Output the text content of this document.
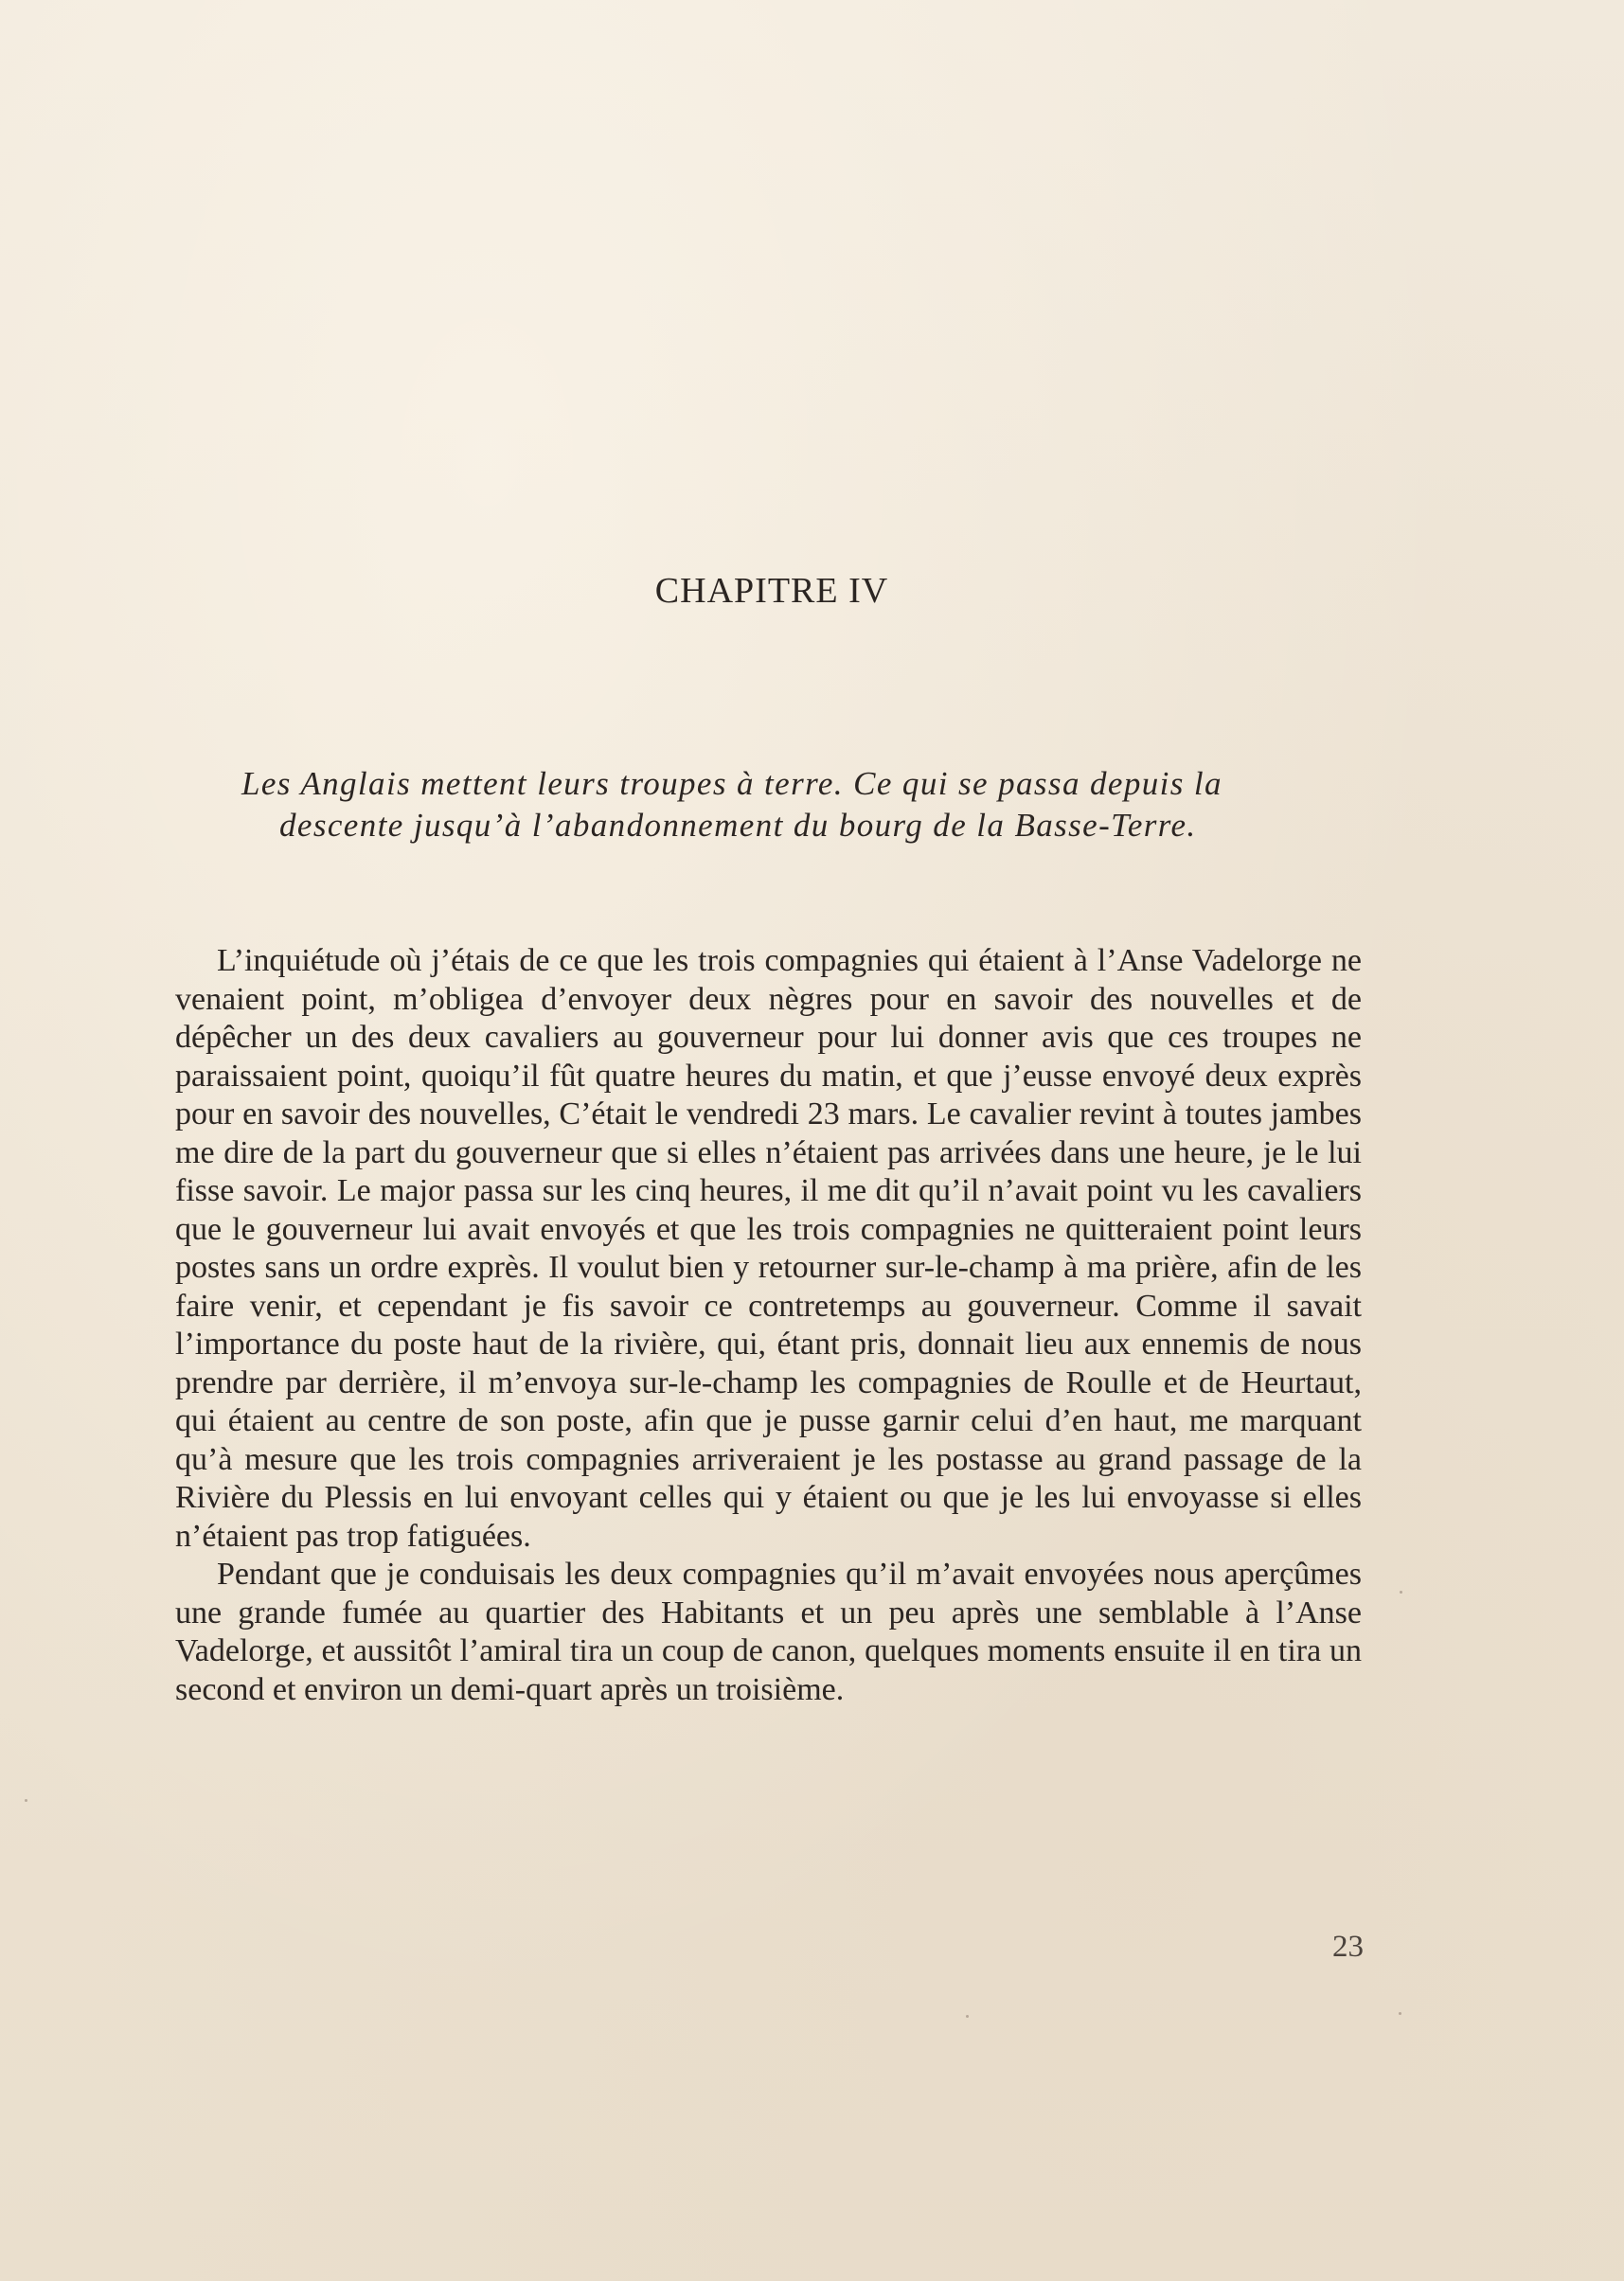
CHAPITRE IV
Les Anglais mettent leurs troupes à terre. Ce qui se passa depuis la
descente jusqu’à l’abandonnement du bourg de la Basse-Terre.

L’inquiétude où j’étais de ce que les trois compagnies qui étaient à l’Anse Vadelorge ne venaient point, m’obligea d’envoyer deux nègres pour en savoir des nouvelles et de dépêcher un des deux cavaliers au gouverneur pour lui donner avis que ces troupes ne paraissaient point, quoiqu’il fût quatre heures du matin, et que j’eusse envoyé deux exprès pour en savoir des nouvelles, C’était le vendredi 23 mars. Le cavalier revint à toutes jambes me dire de la part du gouverneur que si elles n’étaient pas arrivées dans une heure, je le lui fisse savoir. Le major passa sur les cinq heures, il me dit qu’il n’avait point vu les cavaliers que le gouverneur lui avait envoyés et que les trois compagnies ne quitteraient point leurs postes sans un ordre exprès. Il voulut bien y retourner sur-le-champ à ma prière, afin de les faire venir, et cependant je fis savoir ce contretemps au gouverneur. Comme il savait l’importance du poste haut de la rivière, qui, étant pris, donnait lieu aux ennemis de nous prendre par derrière, il m’envoya sur-le-champ les compagnies de Roulle et de Heurtaut, qui étaient au centre de son poste, afin que je pusse garnir celui d’en haut, me marquant qu’à mesure que les trois compagnies arriveraient je les postasse au grand passage de la Rivière du Plessis en lui envoyant celles qui y étaient ou que je les lui envoyasse si elles n’étaient pas trop fatiguées.

Pendant que je conduisais les deux compagnies qu’il m’avait envoyées nous aperçûmes une grande fumée au quartier des Habitants et un peu après une semblable à l’Anse Vadelorge, et aussitôt l’amiral tira un coup de canon, quelques moments ensuite il en tira un second et environ un demi-quart après un troisième.

23
